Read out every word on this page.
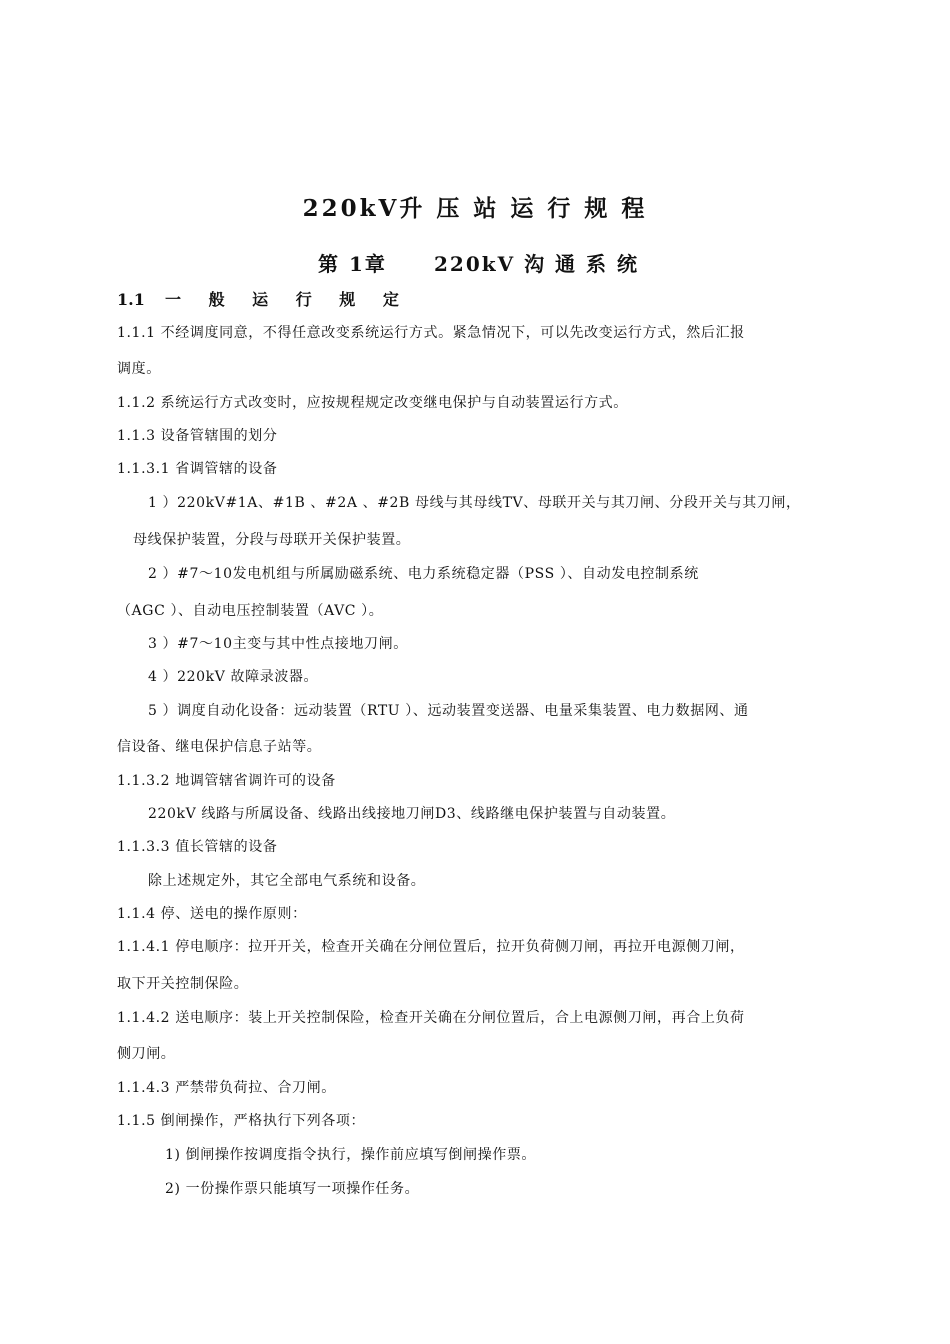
220kV升 压 站 运 行 规 程
第 1章 220kV 沟 通 系 统
1.1 一 般 运 行 规 定
1.1.1 不经调度同意，不得任意改变系统运行方式。紧急情况下，可以先改变运行方式，然后汇报
调度。
1.1.2 系统运行方式改变时，应按规程规定改变继电保护与自动装置运行方式。
1.1.3 设备管辖围的划分
1.1.3.1 省调管辖的设备
1 ）220kV#1A、#1B 、#2A 、#2B 母线与其母线TV、母联开关与其刀闸、分段开关与其刀闸，
母线保护装置，分段与母联开关保护装置。
2 ）#7～10发电机组与所属励磁系统、电力系统稳定器（PSS ）、自动发电控制系统
（AGC ）、自动电压控制装置（AVC ）。
3 ）#7～10主变与其中性点接地刀闸。
4 ）220kV 故障录波器。
5 ）调度自动化设备：远动装置（RTU ）、远动装置变送器、电量采集装置、电力数据网、通
信设备、继电保护信息子站等。
1.1.3.2 地调管辖省调许可的设备
220kV 线路与所属设备、线路出线接地刀闸D3、线路继电保护装置与自动装置。
1.1.3.3 值长管辖的设备
除上述规定外，其它全部电气系统和设备。
1.1.4 停、送电的操作原则：
1.1.4.1 停电顺序：拉开开关，检查开关确在分闸位置后，拉开负荷侧刀闸，再拉开电源侧刀闸，
取下开关控制保险。
1.1.4.2 送电顺序：装上开关控制保险，检查开关确在分闸位置后，合上电源侧刀闸，再合上负荷
侧刀闸。
1.1.4.3 严禁带负荷拉、合刀闸。
1.1.5 倒闸操作，严格执行下列各项：
1) 倒闸操作按调度指令执行，操作前应填写倒闸操作票。
2) 一份操作票只能填写一项操作任务。
